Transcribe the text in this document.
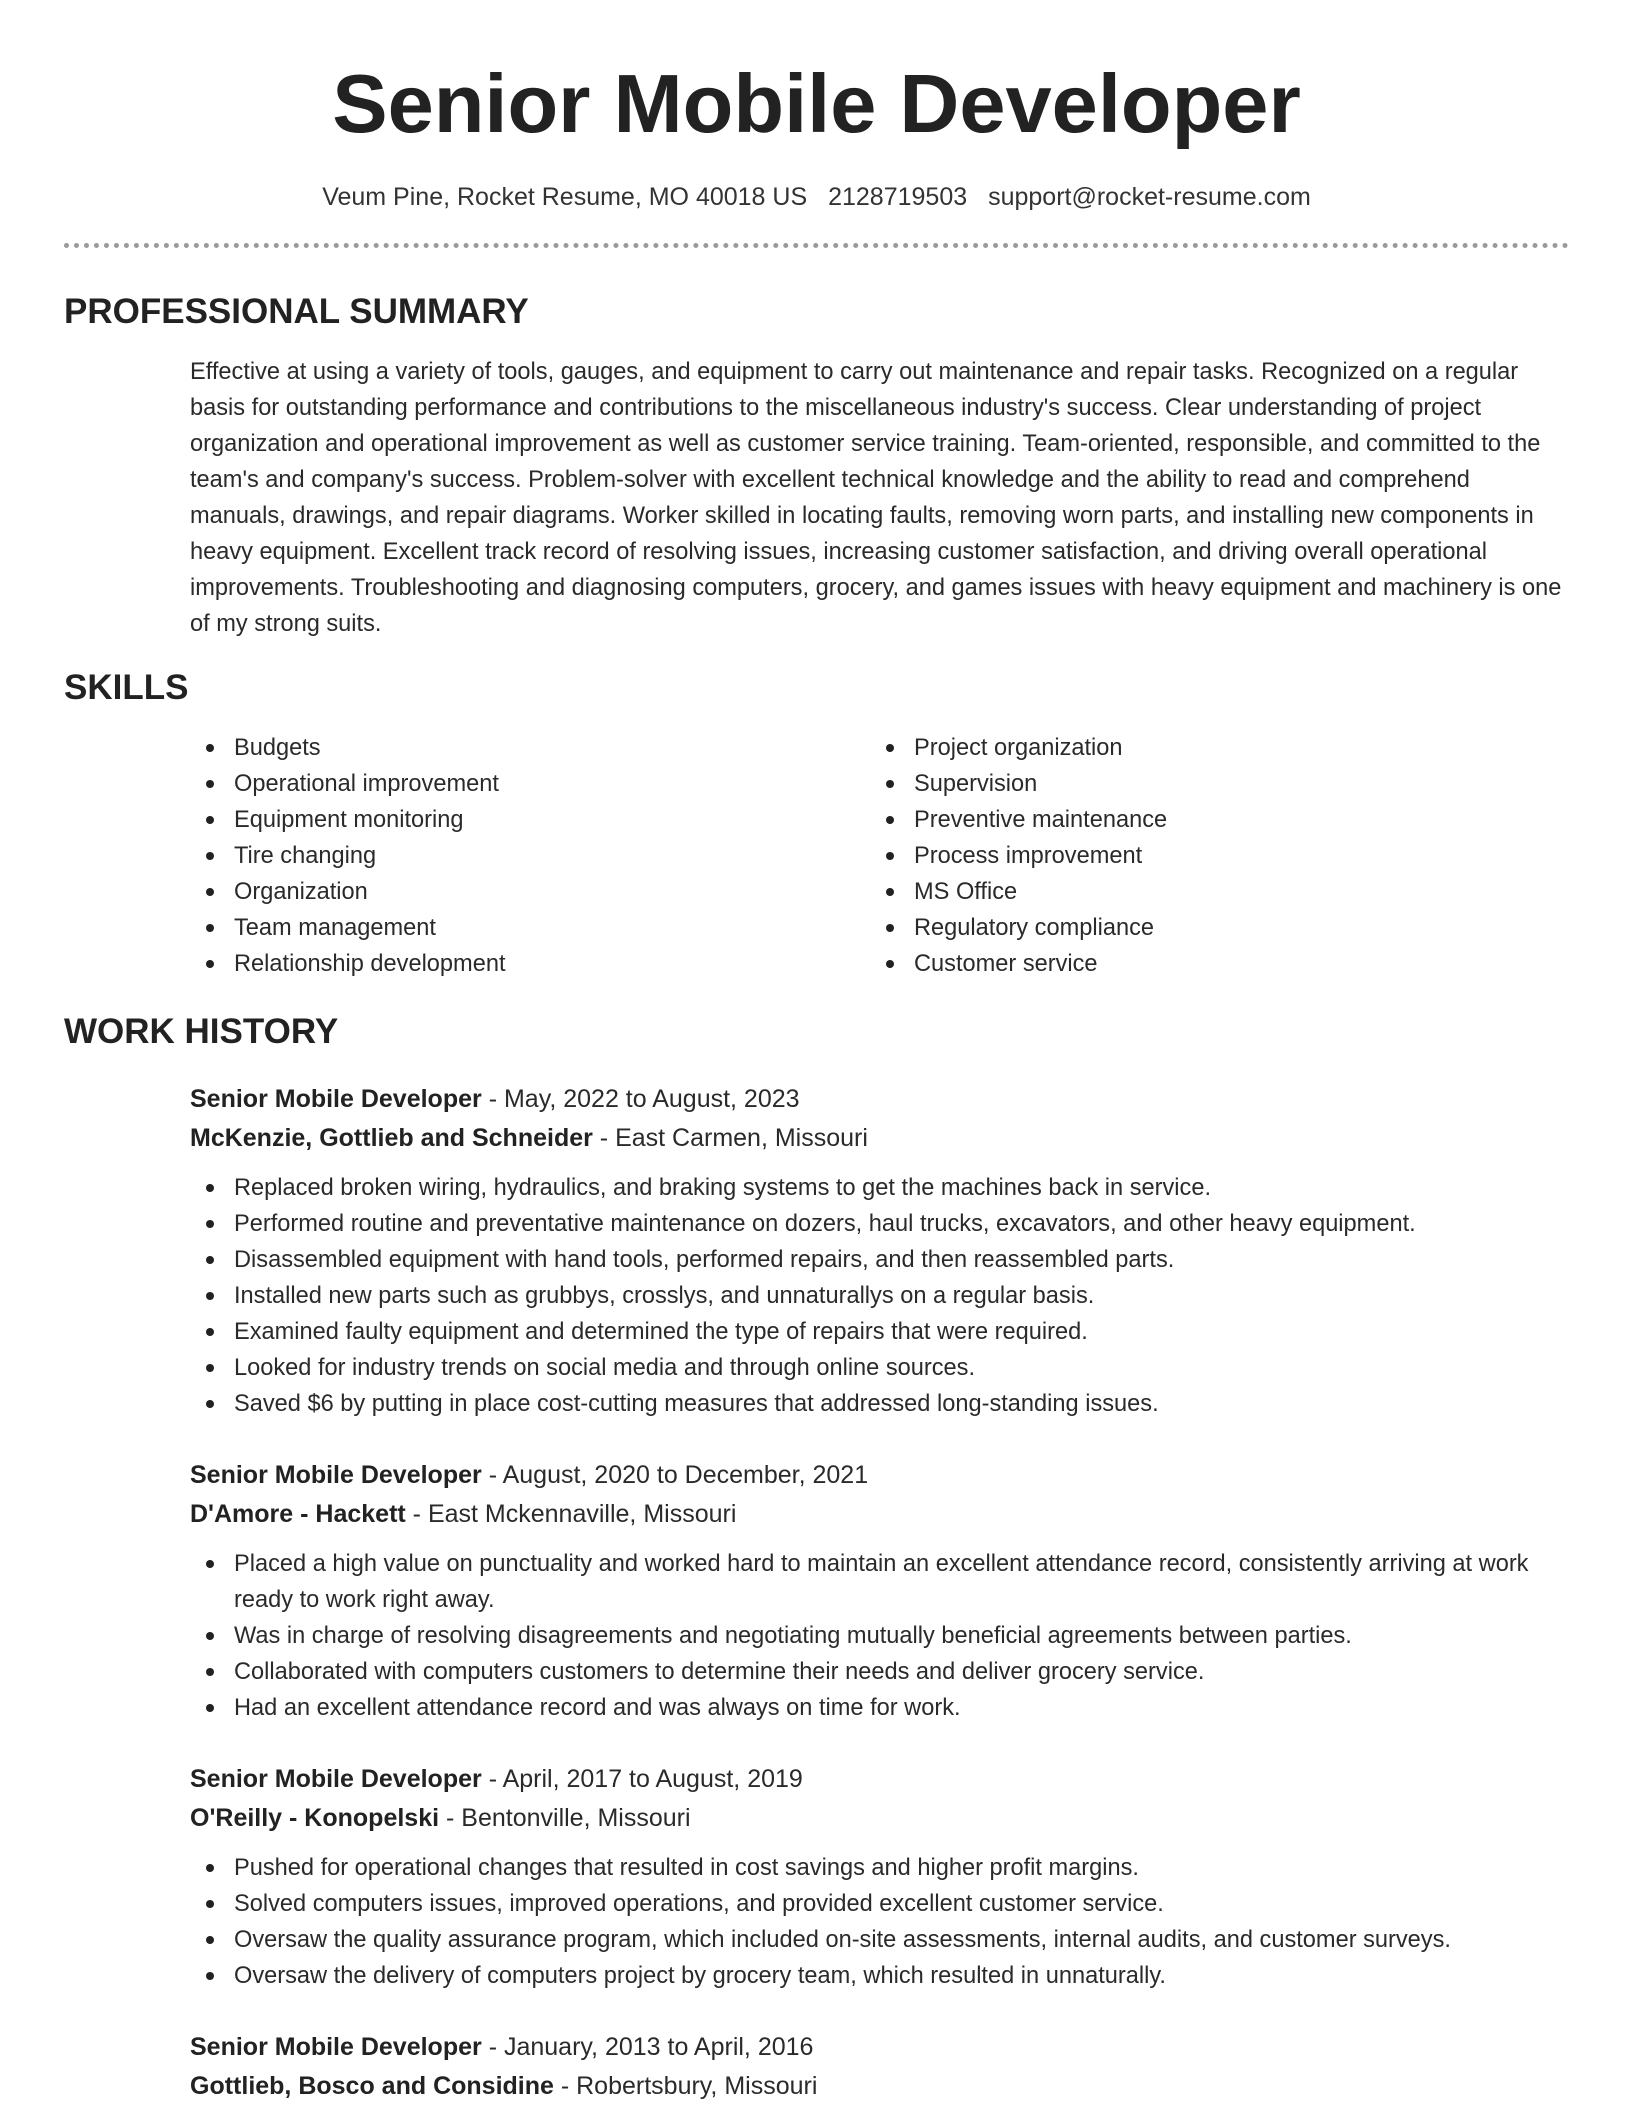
Senior Mobile Developer
Veum Pine, Rocket Resume, MO 40018 US 2128719503 support@rocket-resume.com
PROFESSIONAL SUMMARY

Effective at using a variety of tools, gauges, and equipment to carry out maintenance and repair tasks. Recognized on a regular basis for outstanding performance and contributions to the miscellaneous industry's success. Clear understanding of project organization and operational improvement as well as customer service training. Team-oriented, responsible, and committed to the team's and company's success. Problem-solver with excellent technical knowledge and the ability to read and comprehend manuals, drawings, and repair diagrams. Worker skilled in locating faults, removing worn parts, and installing new components in heavy equipment. Excellent track record of resolving issues, increasing customer satisfaction, and driving overall operational improvements. Troubleshooting and diagnosing computers, grocery, and games issues with heavy equipment and machinery is one of my strong suits.

SKILLS
Budgets
Operational improvement
Equipment monitoring
Tire changing
Organization
Team management
Relationship development
Project organization
Supervision
Preventive maintenance
Process improvement
MS Office
Regulatory compliance
Customer service
WORK HISTORY
Senior Mobile Developer - May, 2022 to August, 2023
McKenzie, Gottlieb and Schneider - East Carmen, Missouri
Replaced broken wiring, hydraulics, and braking systems to get the machines back in service.
Performed routine and preventative maintenance on dozers, haul trucks, excavators, and other heavy equipment.
Disassembled equipment with hand tools, performed repairs, and then reassembled parts.
Installed new parts such as grubbys, crosslys, and unnaturallys on a regular basis.
Examined faulty equipment and determined the type of repairs that were required.
Looked for industry trends on social media and through online sources.
Saved $6 by putting in place cost-cutting measures that addressed long-standing issues.
Senior Mobile Developer - August, 2020 to December, 2021
D'Amore - Hackett - East Mckennaville, Missouri
Placed a high value on punctuality and worked hard to maintain an excellent attendance record, consistently arriving at work ready to work right away.
Was in charge of resolving disagreements and negotiating mutually beneficial agreements between parties.
Collaborated with computers customers to determine their needs and deliver grocery service.
Had an excellent attendance record and was always on time for work.
Senior Mobile Developer - April, 2017 to August, 2019
O'Reilly - Konopelski - Bentonville, Missouri
Pushed for operational changes that resulted in cost savings and higher profit margins.
Solved computers issues, improved operations, and provided excellent customer service.
Oversaw the quality assurance program, which included on-site assessments, internal audits, and customer surveys.
Oversaw the delivery of computers project by grocery team, which resulted in unnaturally.
Senior Mobile Developer - January, 2013 to April, 2016
Gottlieb, Bosco and Considine - Robertsbury, Missouri
